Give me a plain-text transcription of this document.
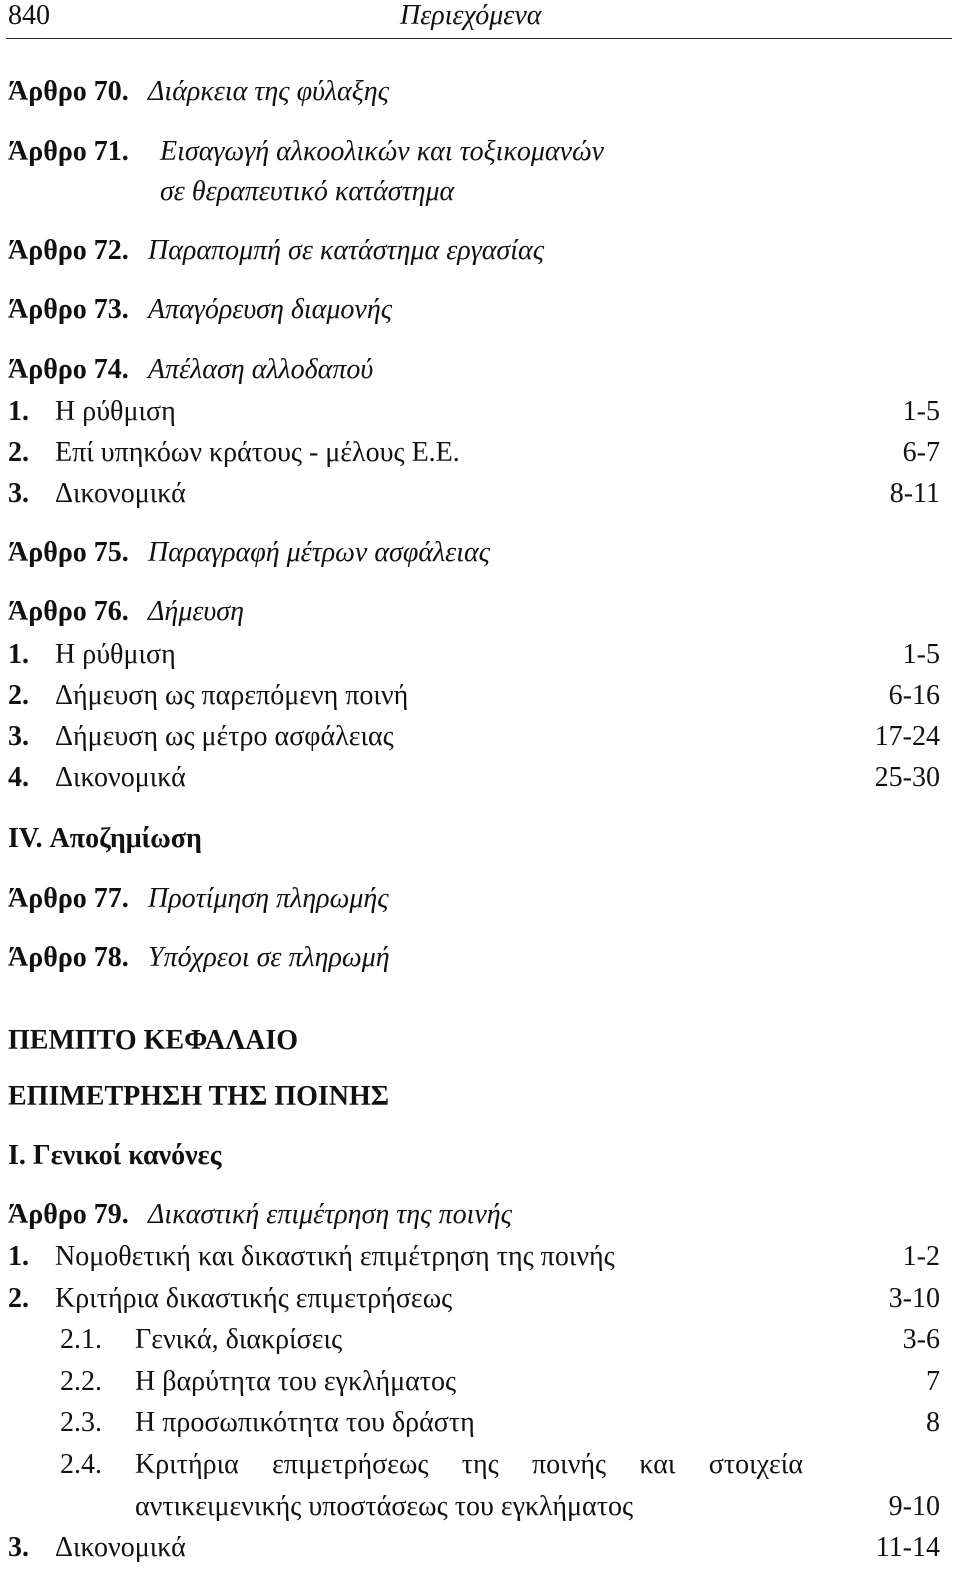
840	Περιεχόμενα
Άρθρο 70. Διάρκεια της φύλαξης
Άρθρο 71. Εισαγωγή αλκοολικών και τοξικομανών
σε θεραπευτικό κατάστημα
Άρθρο 72. Παραπομπή σε κατάστημα εργασίας
Άρθρο 73. Απαγόρευση διαμονής
Άρθρο 74. Απέλαση αλλοδαπού
1. Η ρύθμιση	1-5
2. Επί υπηκόων κράτους - μέλους Ε.Ε.	6-7
3. Δικονομικά	8-11
Άρθρο 75. Παραγραφή μέτρων ασφάλειας
Άρθρο 76. Δήμευση
1. Η ρύθμιση	1-5
2. Δήμευση ως παρεπόμενη ποινή	6-16
3. Δήμευση ως μέτρο ασφάλειας	17-24
4. Δικονομικά	25-30
IV. Αποζημίωση
Άρθρο 77. Προτίμηση πληρωμής
Άρθρο 78. Υπόχρεοι σε πληρωμή
ΠΕΜΠΤΟ ΚΕΦΑΛΑΙΟ
ΕΠΙΜΕΤΡΗΣΗ ΤΗΣ ΠΟΙΝΗΣ
I. Γενικοί κανόνες
Άρθρο 79. Δικαστική επιμέτρηση της ποινής
1. Νομοθετική και δικαστική επιμέτρηση της ποινής	1-2
2. Κριτήρια δικαστικής επιμετρήσεως	3-10
2.1. Γενικά, διακρίσεις	3-6
2.2. Η βαρύτητα του εγκλήματος	7
2.3. Η προσωπικότητα του δράστη	8
2.4. Κριτήρια επιμετρήσεως της ποινής και στοιχεία
αντικειμενικής υποστάσεως του εγκλήματος	9-10
3. Δικονομικά	11-14
